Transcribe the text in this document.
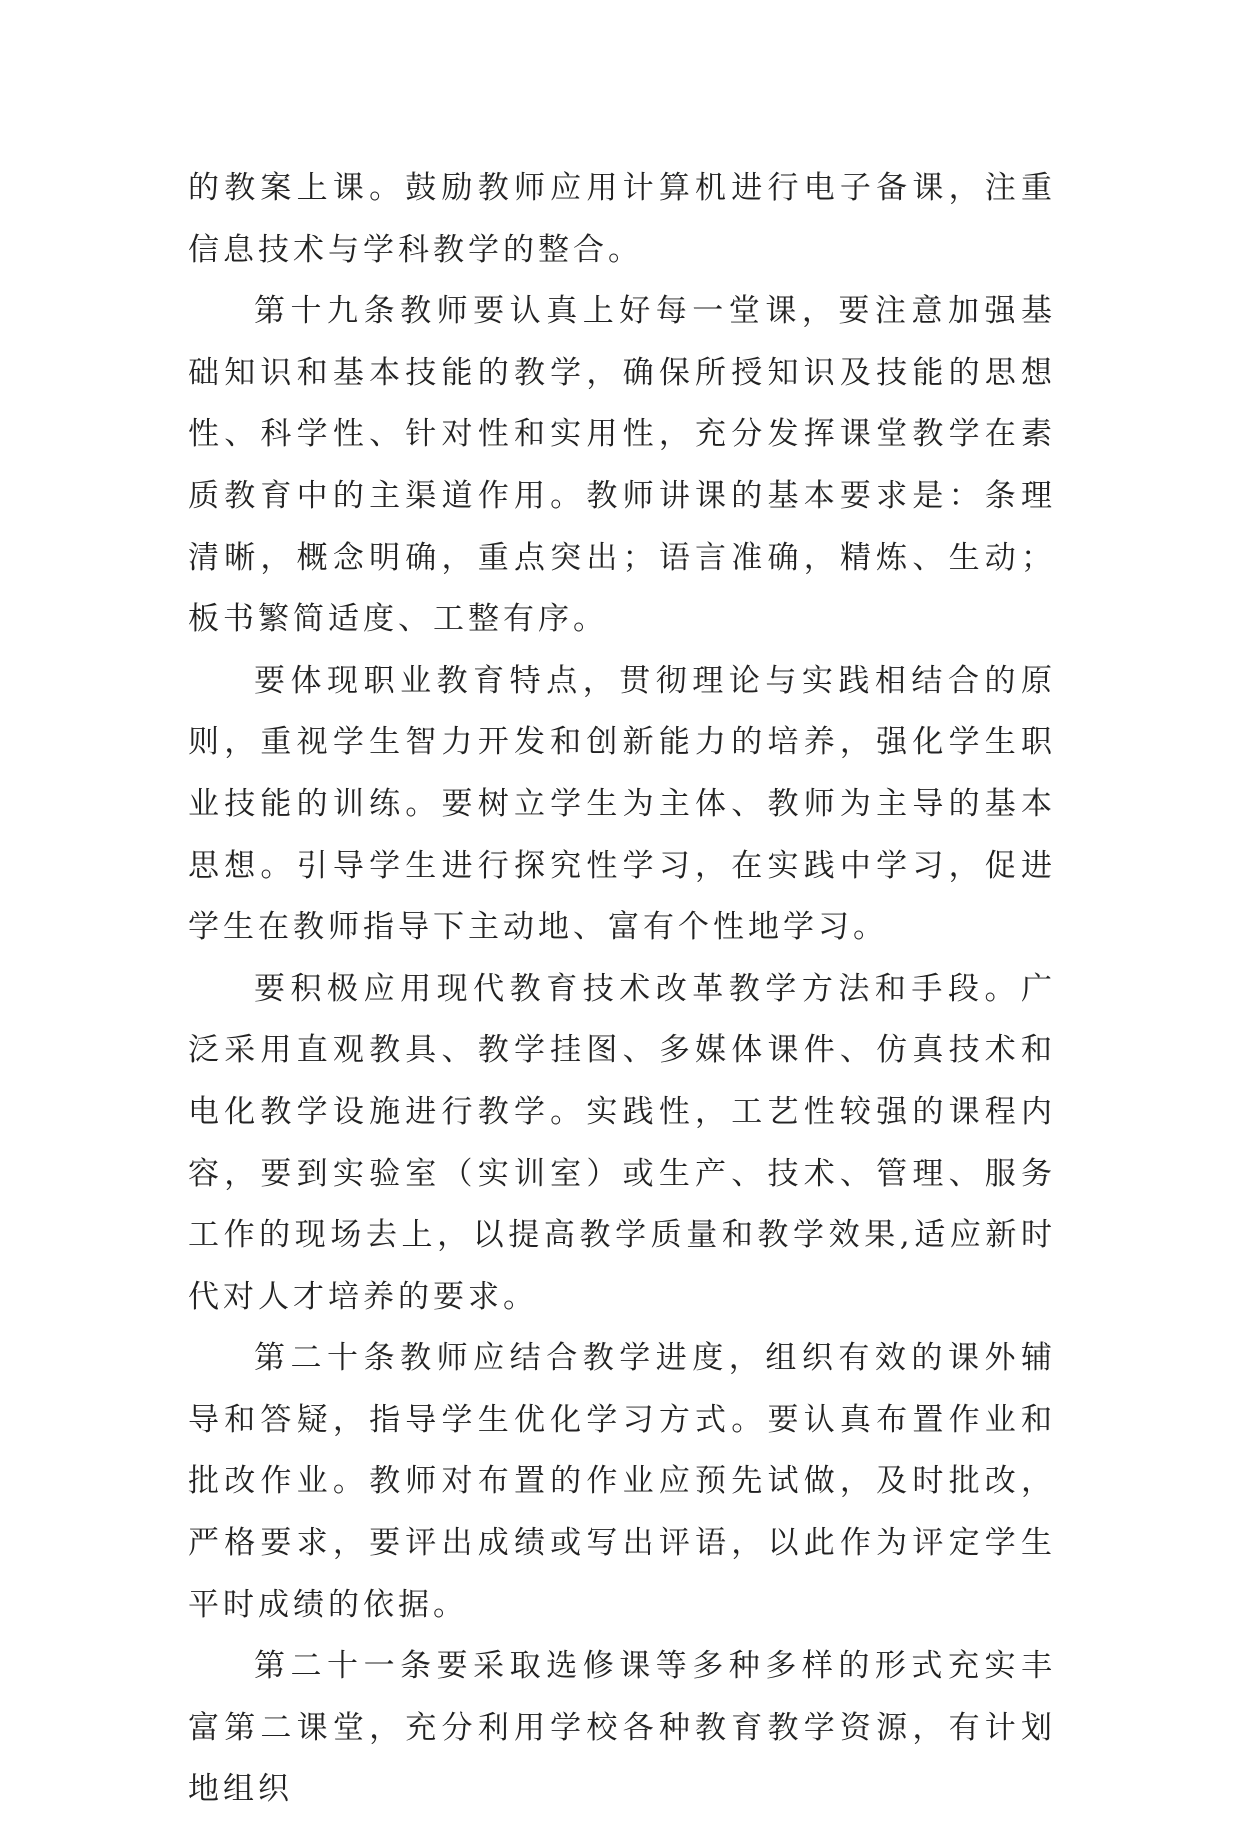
的教案上课。鼓励教师应用计算机进行电子备课，注重信息技术与学科教学的整合。

第十九条教师要认真上好每一堂课，要注意加强基础知识和基本技能的教学，确保所授知识及技能的思想性、科学性、针对性和实用性，充分发挥课堂教学在素质教育中的主渠道作用。教师讲课的基本要求是：条理清晰，概念明确，重点突出；语言准确，精炼、生动；板书繁简适度、工整有序。

要体现职业教育特点，贯彻理论与实践相结合的原则，重视学生智力开发和创新能力的培养，强化学生职业技能的训练。要树立学生为主体、教师为主导的基本思想。引导学生进行探究性学习，在实践中学习，促进学生在教师指导下主动地、富有个性地学习。

要积极应用现代教育技术改革教学方法和手段。广泛采用直观教具、教学挂图、多媒体课件、仿真技术和电化教学设施进行教学。实践性，工艺性较强的课程内容，要到实验室（实训室）或生产、技术、管理、服务工作的现场去上，以提高教学质量和教学效果,适应新时代对人才培养的要求。

第二十条教师应结合教学进度，组织有效的课外辅导和答疑，指导学生优化学习方式。要认真布置作业和批改作业。教师对布置的作业应预先试做，及时批改，严格要求，要评出成绩或写出评语，以此作为评定学生平时成绩的依据。

第二十一条要采取选修课等多种多样的形式充实丰富第二课堂，充分利用学校各种教育教学资源，有计划地组织
